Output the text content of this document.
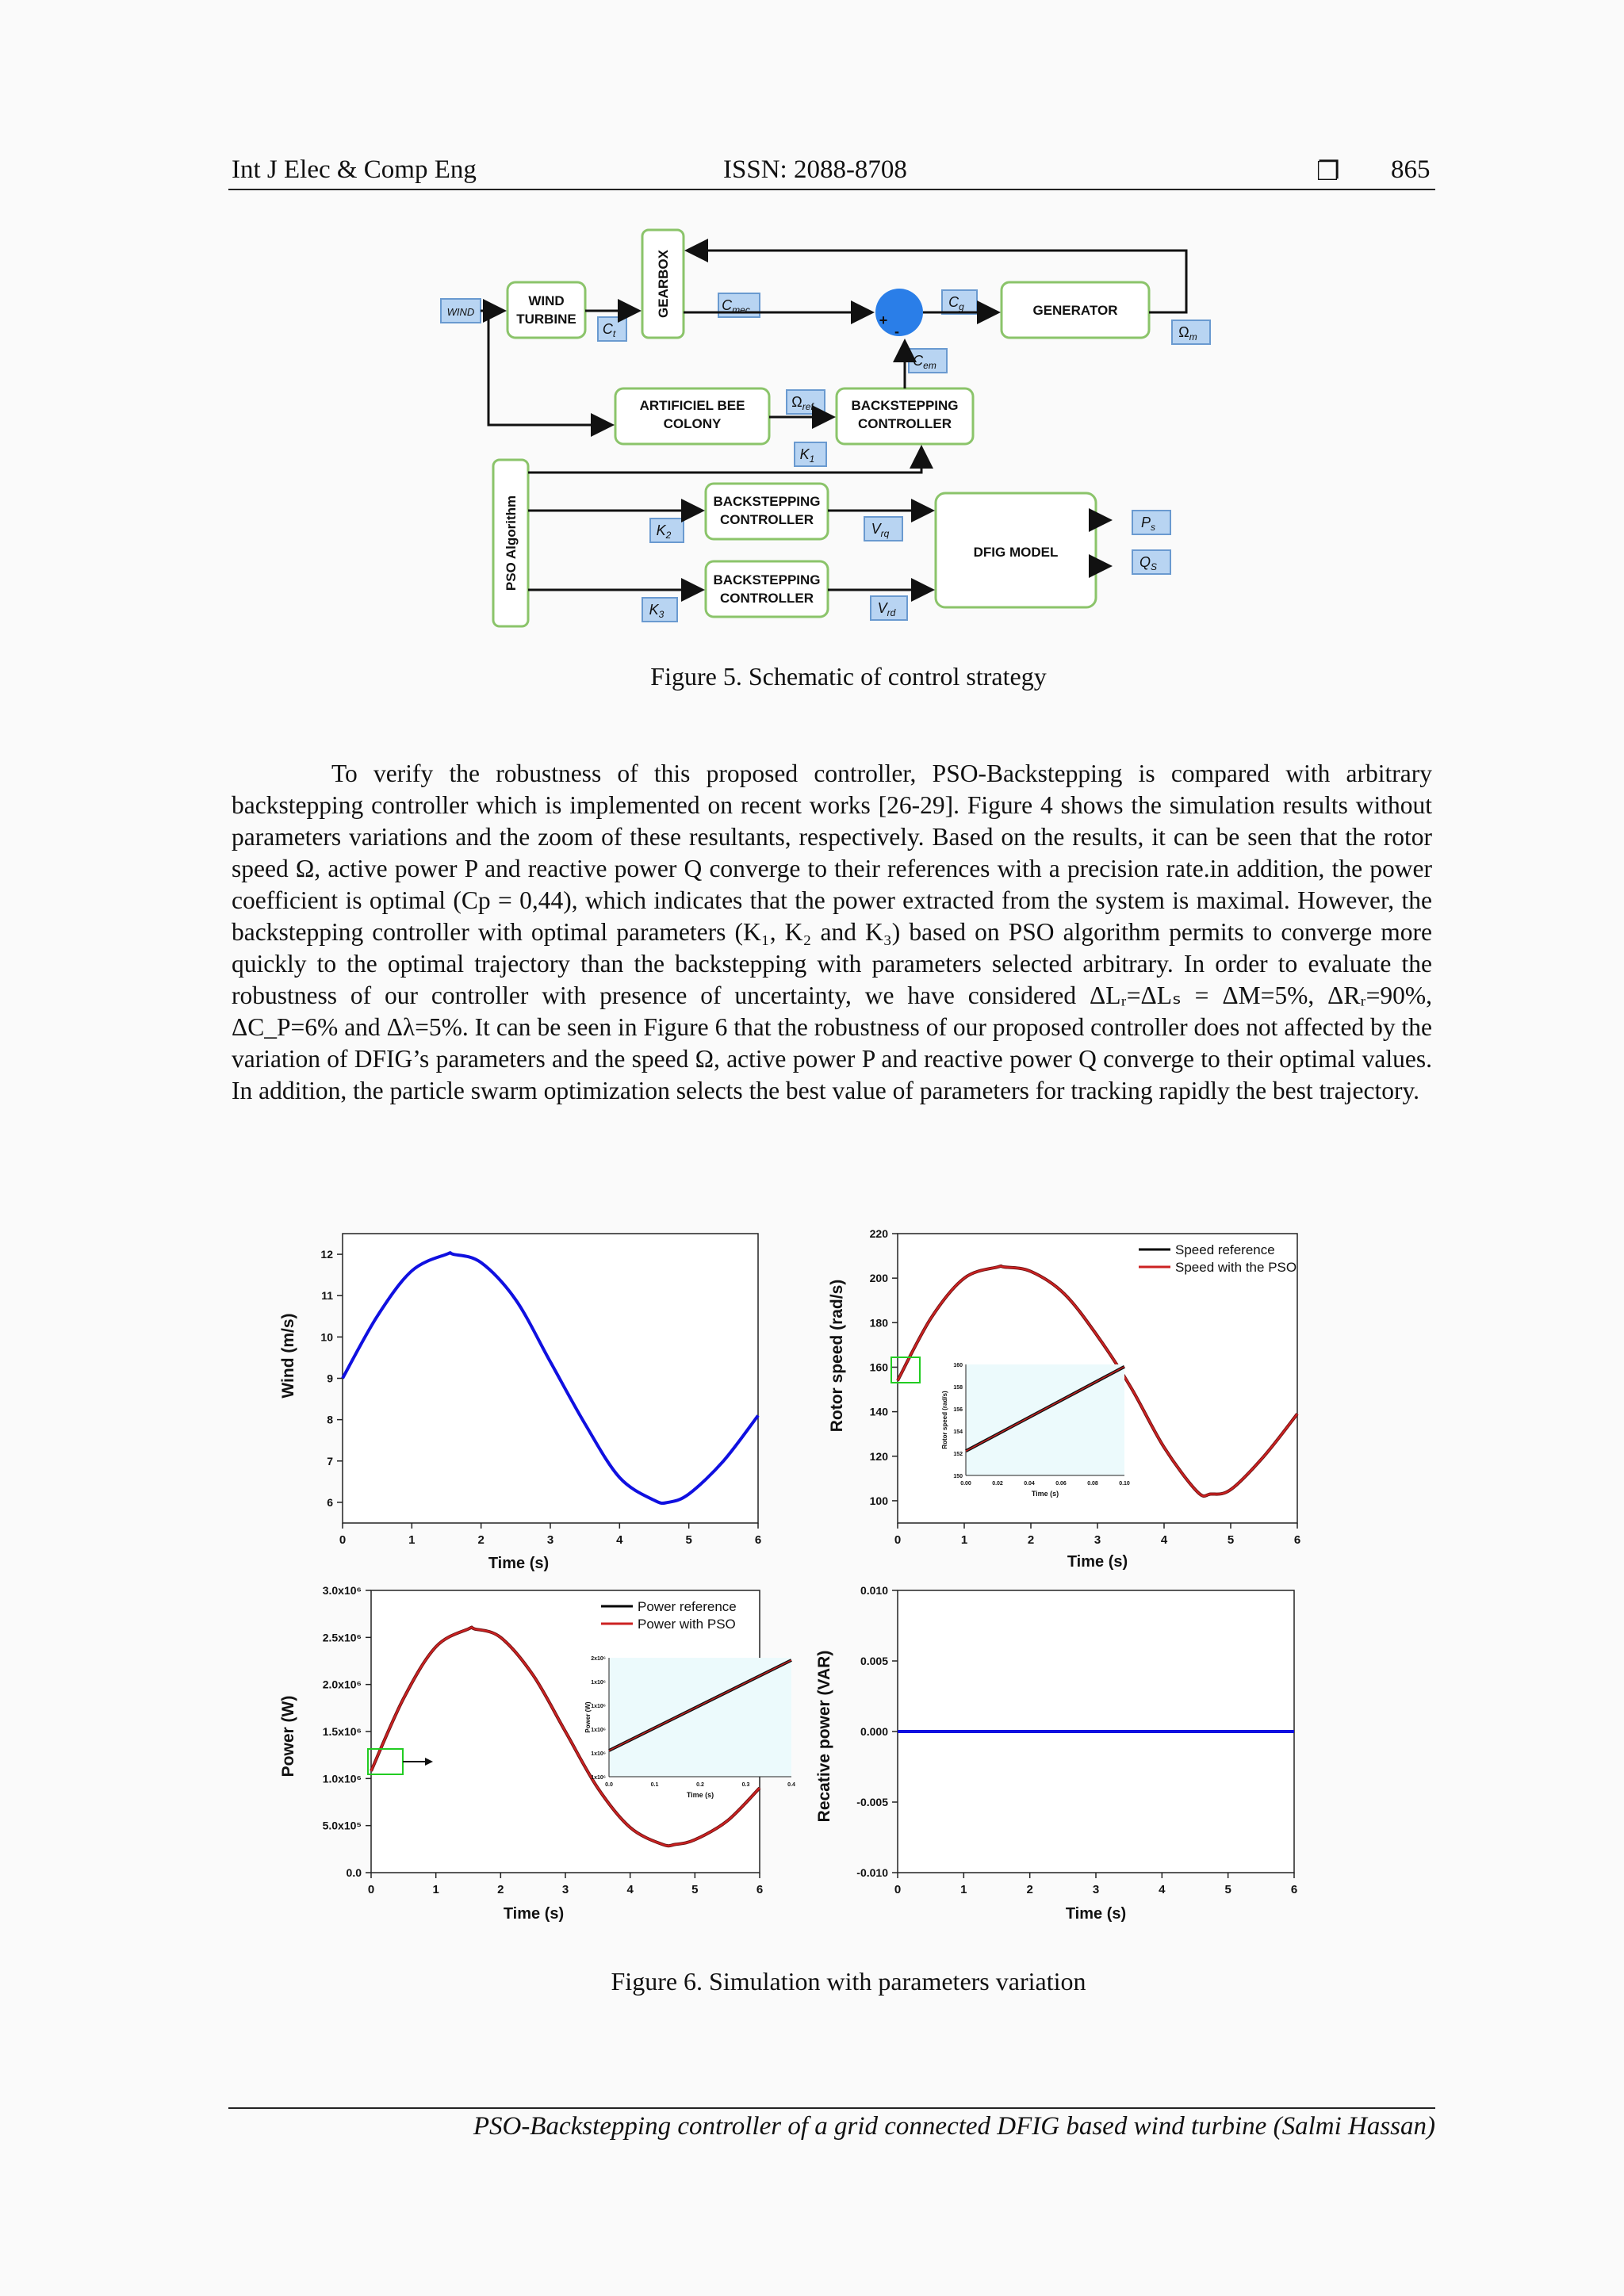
Int J Elec & Comp Eng	ISSN: 2088-8708	❐ 865
WIND
TURBINE
GEARBOX	GENERATOR
ARTIFICIEL BEE
COLONY
BACKSTEPPING
CONTROLLER
BACKSTEPPING
CONTROLLER
BACKSTEPPING
CONTROLLER
DFIG MODEL
PSO Algorithm
WIND
$C_t$
$C_{mec}$	$C_g$
$C_{em}$
$\Omega_{ref}$
$K_1$
$\Omega_m$
$K_2$
$K_3$
$V_{rq}$
$V_{rd}$
$P_s$
$Q_S$
+
-
Figure 5. Schematic of control strategy
To verify the robustness of this proposed controller, PSO-Backstepping is compared with arbitrary backstepping controller which is implemented on recent works [26-29]. Figure 4 shows the simulation results without parameters variations and the zoom of these resultants, respectively. Based on the results, it can be seen that the rotor speed Ω, active power P and reactive power Q converge to their references with a precision rate.in addition, the power coefficient is optimal (Cp = 0,44), which indicates that the power extracted from the system is maximal. However, the backstepping controller with optimal parameters (K₁, K₂ and K₃) based on PSO algorithm permits to converge more quickly to the optimal trajectory than the backstepping with parameters selected arbitrary. In order to evaluate the robustness of our controller with presence of uncertainty, we have considered ΔLᵣ=ΔLₛ = ΔM=5%, ΔRᵣ=90%, ΔC_P=6% and Δλ=5%. It can be seen in Figure 6 that the robustness of our proposed controller does not affected by the variation of DFIG’s parameters and the speed Ω, active power P and reactive power Q converge to their optimal values. In addition, the particle swarm optimization selects the best value of parameters for tracking rapidly the best trajectory.
0	1	2	3	4	5	6
6
7
8
9
10
11
12
Time (s)
Wind (m/s)
0	1	2	3	4	5	6
100
120
140
160
180
200
220
Time (s)
Rotor speed (rad/s)
Speed reference
Speed with the PSO
0.00	0.02	0.04	0.06	0.08	0.10
150
152
154
156
158
160
Time (s)
Rotor speed (rad/s)
0	1	2	3	4	5	6
0.0
5.0x10⁵
1.0x10⁶
1.5x10⁶
2.0x10⁶
2.5x10⁶
3.0x10⁶
Time (s)
Power (W)
Power reference
Power with PSO
0.0	0.1	0.2	0.3	0.4
1x10⁶
1x10⁶
1x10⁶
1x10⁶
1x10⁶
2x10⁶
Time (s)
Power (W)
0	1	2	3	4	5	6
-0.010
-0.005
0.000
0.005
0.010
Time (s)
Recative power (VAR)
Figure 6. Simulation with parameters variation
PSO-Backstepping controller of a grid connected DFIG based wind turbine (Salmi Hassan)
